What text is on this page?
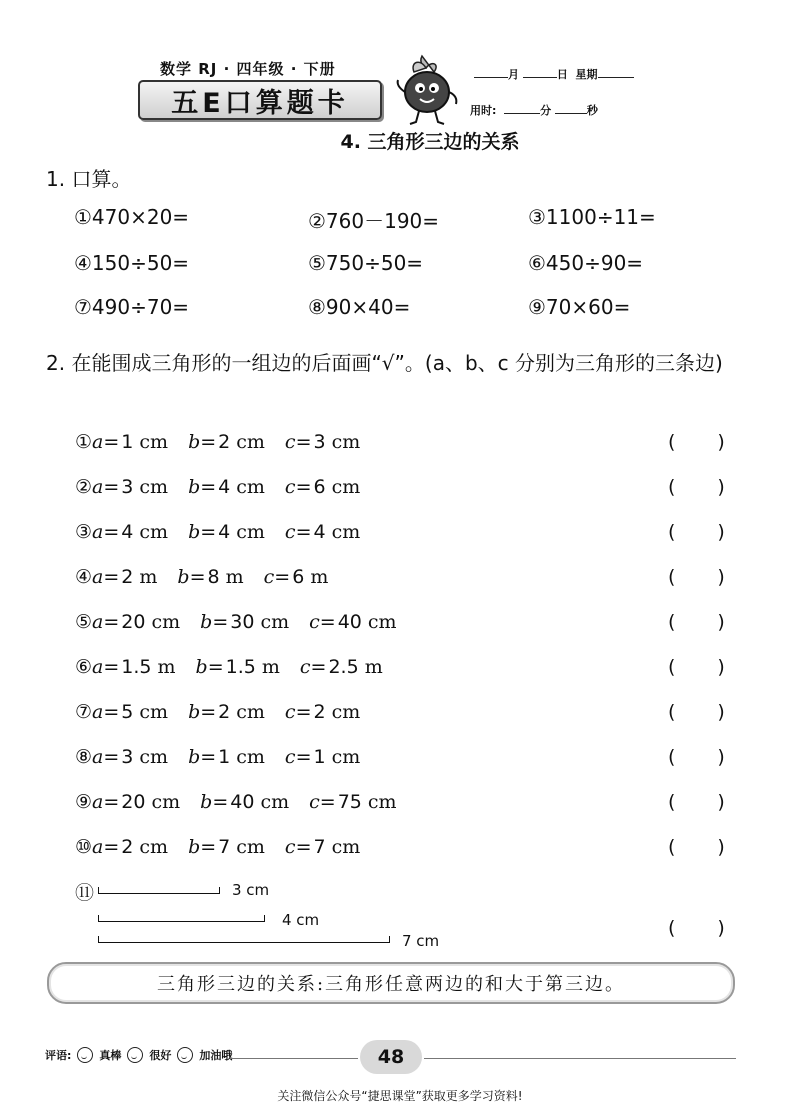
数学 RJ · 四年级 · 下册
五E口算题卡
月	日 星期
用时:	分	秒
4. 三角形三边的关系
1. 口算。
①470×20=	②760－190=	③1100÷11=
④150÷50=	⑤750÷50=	⑥450÷90=
⑦490÷70=	⑧90×40=	⑨70×60=
2. 在能围成三角形的一组边的后面画“√”。(a、b、c 分别为三角形的三条边)
①a= 1 cm b= 2 cm c= 3 cm	( )
②a= 3 cm b= 4 cm c= 6 cm	( )
③a= 4 cm b= 4 cm c= 4 cm	( )
④a= 2 m b= 8 m c= 6 m	( )
⑤a= 20 cm b= 30 cm c= 40 cm	( )
⑥a= 1.5 m b= 1.5 m c= 2.5 m	( )
⑦a= 5 cm b= 2 cm c= 2 cm	( )
⑧a= 3 cm b= 1 cm c= 1 cm	( )
⑨a= 20 cm b= 40 cm c= 75 cm	( )
⑩a= 2 cm b= 7 cm c= 7 cm	( )
⑪	3 cm
4 cm
7 cm
( )
三角形三边的关系:三角形任意两边的和大于第三边。
评语:	真棒	很好	加油哦	48
关注微信公众号“捷思课堂”获取更多学习资料!
